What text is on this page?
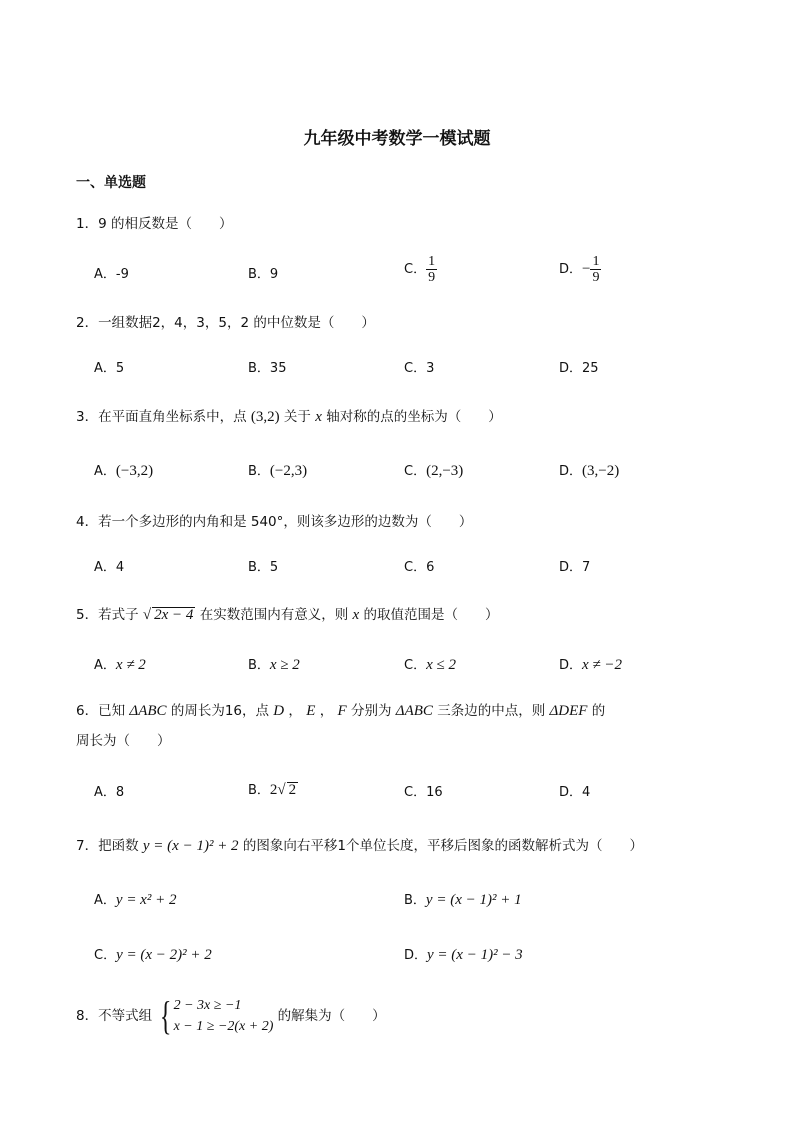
九年级中考数学一模试题
一、单选题
1．9 的相反数是（　　）
A．-9	B．9	C． $\frac{1}{9}$	D．− $\frac{1}{9}$
2．一组数据2，4，3，5，2 的中位数是（　　）
A．5	B．35	C．3	D．25
3．在平面直角坐标系中，点 (3,2) 关于 x 轴对称的点的坐标为（　　）
A．(−3,2)	B．(−2,3)	C．(2,−3)	D．(3,−2)
4．若一个多边形的内角和是 540°，则该多边形的边数为（　　）
A．4	B．5	C．6	D．7
5．若式子 √ 2x − 4 在实数范围内有意义，则 x 的取值范围是（　　）
A．x ≠ 2	B．x ≥ 2	C．x ≤ 2	D．x ≠ −2
6．已知 ΔABC 的周长为16，点 D ， E ， F 分别为 ΔABC 三条边的中点，则 ΔDEF 的
周长为（　　）
A．8	B．2√ 2	C．16	D．4
7．把函数 y = (x − 1)² + 2 的图象向右平移1个单位长度，平移后图象的函数解析式为（　　）
A．y = x² + 2	B．y = (x − 1)² + 1
C．y = (x − 2)² + 2	D．y = (x − 1)² − 3
8．不等式组 { 2 − 3x ≥ −1
x − 1 ≥ −2(x + 2)
的解集为（　　）
